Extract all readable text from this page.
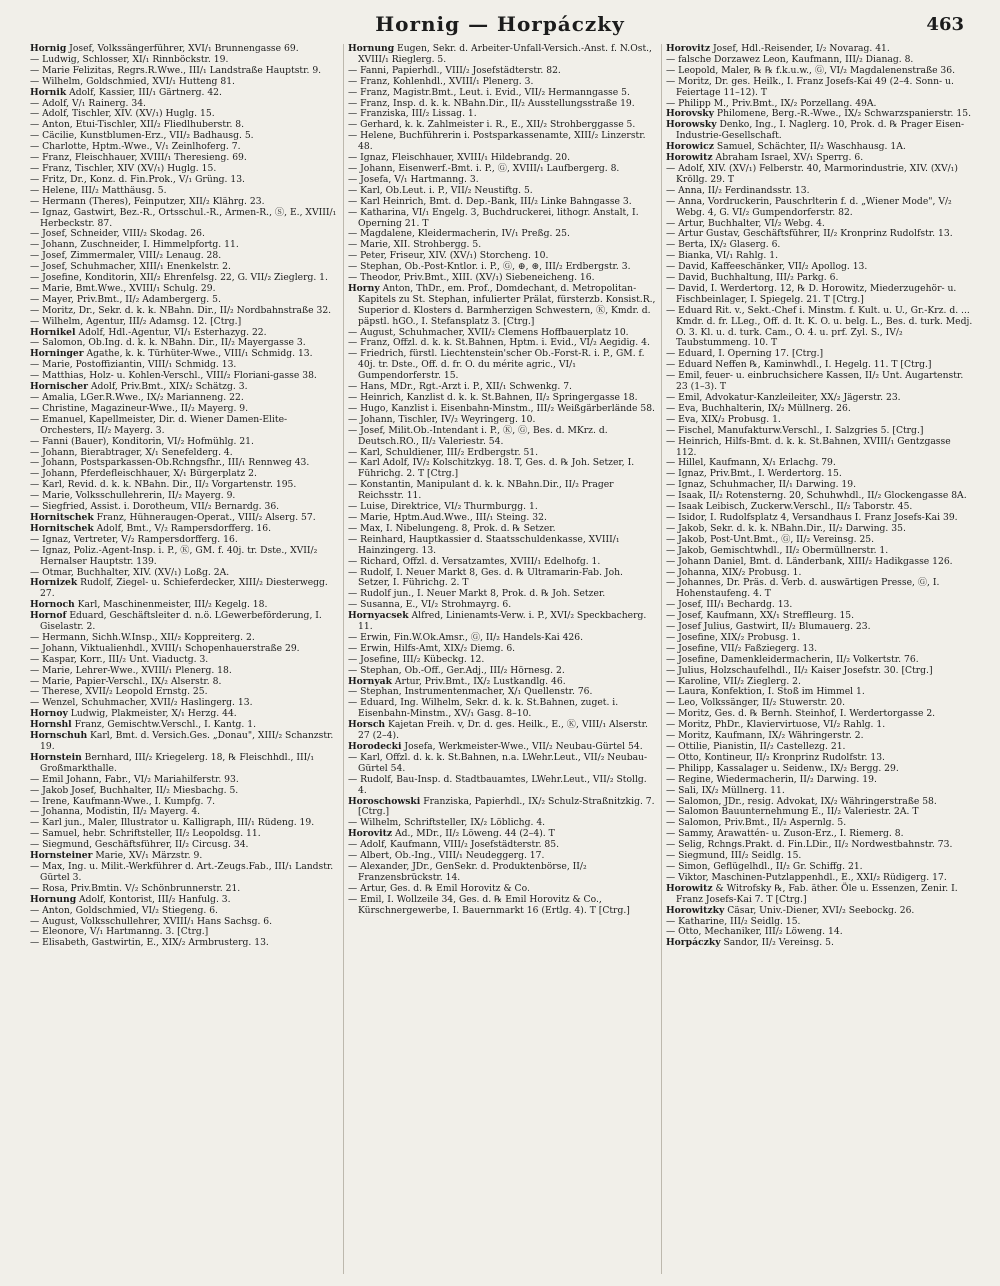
Hornig — Horpáczky	463

Hornig Josef, Volkssängerführer, XVI/₁ Brunnengasse 69.

— Ludwig, Schlosser, XI/₁ Rinnböckstr. 19.

— Marie Felizitas, Regrs.R.Wwe., III/₁ Landstraße Hauptstr. 9.

— Wilhelm, Goldschmied, XVI/₁ Hutteng 81.

Hornik Adolf, Kassier, III/₁ Gärtnerg. 42.

— Adolf, V/₁ Rainerg. 34.

— Adolf, Tischler, XIV. (XV/₁) Huglg. 15.

— Anton, Etui-Tischler, XII/₂ Fliedlhuberstr. 8.

— Cäcilie, Kunstblumen-Erz., VII/₂ Badhausg. 5.

— Charlotte, Hptm.-Wwe., V/₁ Zeinlhoferg. 7.

— Franz, Fleischhauer, XVIII/₁ Theresieng. 69.

— Franz, Tischler, XIV (XV/₁) Huglg. 15.

— Fritz, Dr., Konz. d. Fin.Prok., V/₁ Grüng. 13.

— Helene, III/₂ Matthäusg. 5.

— Hermann (Theres), Feinputzer, XII/₂ Klährg. 23.

— Ignaz, Gastwirt, Bez.-R., Ortsschul.-R., Armen-R., Ⓢ, E., XVIII/₁ Herbeckstr. 87.

— Josef, Schneider, VIII/₂ Skodag. 26.

— Johann, Zuschneider, I. Himmelpfortg. 11.

— Josef, Zimmermaler, VIII/₂ Lenaug. 28.

— Josef, Schuhmacher, XIII/₁ Enenkelstr. 2.

— Josefine, Konditorin, XII/₂ Ehrenfelsg. 22, G. VII/₂ Zieglerg. 1.

— Marie, Bmt.Wwe., XVIII/₁ Schulg. 29.

— Mayer, Priv.Bmt., II/₂ Adambergerg. 5.

— Moritz, Dr., Sekr. d. k. k. NBahn. Dir., II/₂ Nordbahnstraße 32.

— Wilhelm, Agentur, III/₂ Adamsg. 12. [Ctrg.]

Hornikel Adolf, Hdl.-Agentur, VI/₁ Esterhazyg. 22.

— Salomon, Ob.Ing. d. k. k. NBahn. Dir., II/₂ Mayergasse 3.

Horninger Agathe, k. k. Türhüter-Wwe., VIII/₁ Schmidg. 13.

— Marie, Postoffiziantin, VIII/₁ Schmidg. 13.

— Matthias, Holz- u. Kohlen-Verschl., VIII/₂ Floriani-gasse 38.

Hornischer Adolf, Priv.Bmt., XIX/₂ Schätzg. 3.

— Amalia, LGer.R.Wwe., IX/₂ Marianneng. 22.

— Christine, Magazineur-Wwe., II/₂ Mayerg. 9.

— Emanuel, Kapellmeister, Dir. d. Wiener Damen-Elite-Orchesters, II/₂ Mayerg. 3.

— Fanni (Bauer), Konditorin, VI/₂ Hofmühlg. 21.

— Johann, Bierabtrager, X/₁ Senefelderg. 4.

— Johann, Postsparkassen-Ob.Rchngsfhr., III/₁ Rennweg 43.

— Johann, Pferdefleischhauer, X/₁ Bürgerplatz 2.

— Karl, Revid. d. k. k. NBahn. Dir., II/₂ Vorgartenstr. 195.

— Marie, Volksschullehrerin, II/₂ Mayerg. 9.

— Siegfried, Assist. i. Dorotheum, VII/₂ Bernardg. 36.

Hornitschek Franz, Hühneraugen-Operat., VIII/₂ Alserg. 57.

Hornitschek Adolf, Bmt., V/₂ Rampersdorfferg. 16.

— Ignaz, Vertreter, V/₂ Rampersdorfferg. 16.

— Ignaz, Poliz.-Agent-Insp. i. P., Ⓚ, GM. f. 40j. tr. Dste., XVII/₂ Hernalser Hauptstr. 139.

— Otmar, Buchhalter, XIV. (XV/₁) Loßg. 2A.

Hornizek Rudolf, Ziegel- u. Schieferdecker, XIII/₂ Diesterwegg. 27.

Hornoch Karl, Maschinenmeister, III/₂ Kegelg. 18.

Hornof Eduard, Geschäftsleiter d. n.ö. LGewerbeförderung, I. Giselastr. 2.

— Hermann, Sichh.W.Insp., XII/₂ Koppreiterg. 2.

— Johann, Viktualienhdl., XVIII/₁ Schopenhauerstraße 29.

— Kaspar, Korr., III/₂ Unt. Viaductg. 3.

— Marie, Lehrer-Wwe., XVIII/₁ Plenerg. 18.

— Marie, Papier-Verschl., IX/₂ Alserstr. 8.

— Therese, XVII/₂ Leopold Ernstg. 25.

— Wenzel, Schuhmacher, XVII/₂ Haslingerg. 13.

Hornoy Ludwig, Plakmeister, X/₁ Herzg. 44.

Hornshl Franz, Gemischtw.Verschl., I. Kantg. 1.

Hornschuh Karl, Bmt. d. Versich.Ges. „Donau", XIII/₂ Schanzstr. 19.

Hornstein Bernhard, III/₂ Kriegelerg. 18, ℞ Fleischhdl., III/₁ Großmarkthalle.

— Emil Johann, Fabr., VI/₂ Mariahilferstr. 93.

— Jakob Josef, Buchhalter, II/₂ Miesbachg. 5.

— Irene, Kaufmann-Wwe., I. Kumpfg. 7.

— Johanna, Modistin, II/₂ Mayerg. 4.

— Karl jun., Maler, Illustrator u. Kalligraph, III/₁ Rüdeng. 19.

— Samuel, hebr. Schriftsteller, II/₂ Leopoldsg. 11.

— Siegmund, Geschäftsführer, II/₂ Circusg. 34.

Hornsteiner Marie, XV/₁ Märzstr. 9.

— Max, Ing. u. Milit.-Werkführer d. Art.-Zeugs.Fab., III/₁ Landstr. Gürtel 3.

— Rosa, Priv.Bmtin. V/₂ Schönbrunnerstr. 21.

Hornung Adolf, Kontorist, III/₂ Hanfulg. 3.

— Anton, Goldschmied, VI/₂ Stiegeng. 6.

— August, Volksschullehrer, XVIII/₁ Hans Sachsg. 6.

— Eleonore, V/₁ Hartmanng. 3. [Ctrg.]

— Elisabeth, Gastwirtin, E., XIX/₂ Armbrusterg. 13.

Hornung Eugen, Sekr. d. Arbeiter-Unfall-Versich.-Anst. f. N.Ost., XVIII/₁ Rieglerg. 5.

— Fanni, Papierhdl., VIII/₂ Josefstädterstr. 82.

— Franz, Kohlenhdl., XVIII/₁ Plenerg. 3.

— Franz, Magistr.Bmt., Leut. i. Evid., VII/₂ Hermanngasse 5.

— Franz, Insp. d. k. k. NBahn.Dir., II/₂ Ausstellungsstraße 19.

— Franziska, III/₂ Lissag. 1.

— Gerhard, k. k. Zahlmeister i. R., E., XII/₂ Strohberggasse 5.

— Helene, Buchführerin i. Postsparkassenamte, XIII/₂ Linzerstr. 48.

— Ignaz, Fleischhauer, XVIII/₁ Hildebrandg. 20.

— Johann, Eisenwerf.-Bmt. i. P., Ⓖ, XVIII/₁ Laufbergerg. 8.

— Josefa, V/₁ Hartmanng. 3.

— Karl, Ob.Leut. i. P., VII/₂ Neustiftg. 5.

— Karl Heinrich, Bmt. d. Dep.-Bank, III/₂ Linke Bahngasse 3.

— Katharina, VI/₁ Engelg. 3, Buchdruckerei, lithogr. Anstalt, I. Operning 21. T

— Magdalene, Kleidermacherin, IV/₁ Preßg. 25.

— Marie, XII. Strohbergg. 5.

— Peter, Friseur, XIV. (XV/₁) Storcheng. 10.

— Stephan, Ob.-Post-Kntlor. i. P., Ⓖ, ⊕, ⊛, III/₂ Erdbergstr. 3.

— Theodor, Priv.Bmt., XIII. (XV/₁) Siebeneicheng. 16.

Horny Anton, ThDr., em. Prof., Domdechant, d. Metropolitan-Kapitels zu St. Stephan, infulierter Prälat, fürsterzb. Konsist.R., Superior d. Klosters d. Barmherzigen Schwestern, Ⓚ, Kmdr. d. päpstl. hGO., I. Stefansplatz 3. [Ctrg.]

— August, Schuhmacher, XVII/₂ Clemens Hoffbauerplatz 10.

— Franz, Offzl. d. k. k. St.Bahnen, Hptm. i. Evid., VI/₂ Aegidig. 4.

— Friedrich, fürstl. Liechtenstein'scher Ob.-Forst-R. i. P., GM. f. 40j. tr. Dste., Off. d. fr. O. du mérite agric., VI/₁ Gumpendorferstr. 15.

— Hans, MDr., Rgt.-Arzt i. P., XII/₁ Schwenkg. 7.

— Heinrich, Kanzlist d. k. k. St.Bahnen, II/₂ Springergasse 18.

— Hugo, Kanzlist i. Eisenbahn-Minstm., III/₂ Weißgärberlände 58.

— Johann, Tischler, IV/₂ Weyringerg. 10.

— Josef, Milit.Ob.-Intendant i. P., Ⓚ, Ⓖ, Bes. d. MKrz. d. Deutsch.RO., II/₂ Valeriestr. 54.

— Karl, Schuldiener, III/₂ Erdbergstr. 51.

— Karl Adolf, IV/₂ Kolschitzkyg. 18. T, Ges. d. ℞ Joh. Setzer, I. Führichg. 2. T [Ctrg.]

— Konstantin, Manipulant d. k. k. NBahn.Dir., II/₂ Prager Reichsstr. 11.

— Luise, Direktrice, VI/₂ Thurmburgg. 1.

— Marie, Hptm.Aud.Wwe., III/₁ Steing. 32.

— Max, I. Nibelungeng. 8, Prok. d. ℞ Setzer.

— Reinhard, Hauptkassier d. Staatsschuldenkasse, XVIII/₁ Hainzingerg. 13.

— Richard, Offzl. d. Versatzamtes, XVIII/₁ Edelhofg. 1.

— Rudolf, I. Neuer Markt 8, Ges. d. ℞ Ultramarin-Fab. Joh. Setzer, I. Führichg. 2. T

— Rudolf jun., I. Neuer Markt 8, Prok. d. ℞ Joh. Setzer.

— Susanna, E., VI/₂ Strohmayrg. 6.

Hornyacsek Alfred, Linienamts-Verw. i. P., XVI/₂ Speckbacherg. 11.

— Erwin, Fin.W.Ok.Amsr., Ⓖ, II/₂ Handels-Kai 426.

— Erwin, Hilfs-Amt, XIX/₂ Diemg. 6.

— Josefine, III/₂ Kübeckg. 12.

— Stephan, Ob.-Off., Ger.Adj., III/₂ Hörnesg. 2.

Hornyak Artur, Priv.Bmt., IX/₂ Lustkandlg. 46.

— Stephan, Instrumentenmacher, X/₁ Quellenstr. 76.

— Eduard, Ing. Wilhelm, Sekr. d. k. k. St.Bahnen, zuget. i. Eisenbahn-Minstm., XV/₁ Gasg. 8–10.

Horsch Kajetan Freih. v, Dr. d. ges. Heilk., E., Ⓚ, VIII/₁ Alserstr. 27 (2–4).

Horodecki Josefa, Werkmeister-Wwe., VII/₂ Neubau-Gürtel 54.

— Karl, Offzl. d. k. k. St.Bahnen, n.a. LWehr.Leut., VII/₂ Neubau-Gürtel 54.

— Rudolf, Bau-Insp. d. Stadtbauamtes, LWehr.Leut., VII/₂ Stollg. 4.

Horoschowski Franziska, Papierhdl., IX/₂ Schulz-Straßnitzkig. 7. [Ctrg.]

— Wilhelm, Schriftsteller, IX/₂ Löblichg. 4.

Horovitz Ad., MDr., II/₂ Löweng. 44 (2–4). T

— Adolf, Kaufmann, VIII/₂ Josefstädterstr. 85.

— Albert, Ob.-Ing., VIII/₁ Neudeggerg. 17.

— Alexander, JDr., GenSekr. d. Produktenbörse, II/₂ Franzensbrückstr. 14.

— Artur, Ges. d. ℞ Emil Horovitz & Co.

— Emil, I. Wollzeile 34, Ges. d. ℞ Emil Horovitz & Co., Kürschnergewerbe, I. Bauernmarkt 16 (Ertlg. 4). T [Ctrg.]

Horovitz Josef, Hdl.-Reisender, I/₂ Novarag. 41.

— falsche Dorzawez Leon, Kaufmann, III/₂ Dianag. 8.

— Leopold, Maler, ℞ ℞ f.k.u.w., Ⓖ, VI/₂ Magdalenenstraße 36.

— Moritz, Dr. ges. Heilk., I. Franz Josefs-Kai 49 (2–4. Sonn- u. Feiertage 11–12). T

— Philipp M., Priv.Bmt., IX/₂ Porzellang. 49A.

Horovsky Philomene, Berg.-R.-Wwe., IX/₂ Schwarzspanierstr. 15.

Horowsky Denko, Ing., I. Naglerg. 10, Prok. d. ℞ Prager Eisen-Industrie-Gesellschaft.

Horowicz Samuel, Schächter, II/₂ Waschhausg. 1A.

Horowitz Abraham Israel, XV/₁ Sperrg. 6.

— Adolf, XIV. (XV/₁) Felberstr. 40, Marmorindustrie, XIV. (XV/₁) Kröllg. 29. T

— Anna, II/₂ Ferdinandsstr. 13.

— Anna, Vordruckerin, Pauschrlterin f. d. „Wiener Mode", V/₂ Webg. 4, G. VI/₂ Gumpendorferstr. 82.

— Artur, Buchhalter, VI/₂ Webg. 4.

— Artur Gustav, Geschäftsführer, II/₂ Kronprinz Rudolfstr. 13.

— Berta, IX/₂ Glaserg. 6.

— Bianka, VI/₁ Rahlg. 1.

— David, Kaffeeschänker, VII/₂ Apollog. 13.

— David, Buchhaltung, III/₂ Parkg. 6.

— David, I. Werdertorg. 12, ℞ D. Horowitz, Miederzugehör- u. Fischbeinlager, I. Spiegelg. 21. T [Ctrg.]

— Eduard Rit. v., Sekt.-Chef i. Minstm. f. Kult. u. U., Gr.-Krz. d. ... Kmdr. d. fr. LLeg., Off. d. It. K. O. u. belg. L., Bes. d. turk. Medj. O. 3. Kl. u. d. turk. Cam., O. 4. u. prf. Zyl. S., IV/₂ Taubstummeng. 10. T

— Eduard, I. Operning 17. [Ctrg.]

— Eduard Neffen ℞, Kaminwhdl., I. Hegelg. 11. T [Ctrg.]

— Emil, feuer- u. einbruchsichere Kassen, II/₂ Unt. Augartenstr. 23 (1–3). T

— Emil, Advokatur-Kanzleileiter, XX/₂ Jägerstr. 23.

— Eva, Buchhalterin, IX/₂ Müllnerg. 26.

— Eva, XIX/₂ Probusg. 1.

— Fischel, Manufakturw.Verschl., I. Salzgries 5. [Ctrg.]

— Heinrich, Hilfs-Bmt. d. k. k. St.Bahnen, XVIII/₁ Gentzgasse 112.

— Hillel, Kaufmann, X/₁ Erlachg. 79.

— Ignaz, Priv.Bmt., I. Werdertorg. 15.

— Ignaz, Schuhmacher, II/₁ Darwing. 19.

— Isaak, II/₂ Rotensterng. 20, Schuhwhdl., II/₂ Glockengasse 8A.

— Isaak Leibisch, Zuckerw.Verschl., II/₂ Taborstr. 45.

— Isidor, I. Rudolfsplatz 4, Versandhaus I. Franz Josefs-Kai 39.

— Jakob, Sekr. d. k. k. NBahn.Dir., II/₂ Darwing. 35.

— Jakob, Post-Unt.Bmt., Ⓖ, II/₂ Vereinsg. 25.

— Jakob, Gemischtwhdl., II/₂ Obermüllnerstr. 1.

— Johann Daniel, Bmt. d. Länderbank, XIII/₂ Hadikgasse 126.

— Johanna, XIX/₂ Probusg. 1.

— Johannes, Dr. Präs. d. Verb. d. auswärtigen Presse, Ⓖ, I. Hohenstaufeng. 4. T

— Josef, III/₁ Bechardg. 13.

— Josef, Kaufmann, XX/₁ Streffleurg. 15.

— Josef Julius, Gastwirt, II/₂ Blumauerg. 23.

— Josefine, XIX/₂ Probusg. 1.

— Josefine, VII/₂ Faßziegerg. 13.

— Josefine, Damenkleidermacherin, II/₂ Volkertstr. 76.

— Julius, Holzschaufelhdl., II/₂ Kaiser Josefstr. 30. [Ctrg.]

— Karoline, VII/₂ Zieglerg. 2.

— Laura, Konfektion, I. Stoß im Himmel 1.

— Leo, Volkssänger, II/₂ Stuwerstr. 20.

— Moritz, Ges. d. ℞ Bernh. Steinhof, I. Werdertorgasse 2.

— Moritz, PhDr., Klaviervirtuose, VI/₂ Rahlg. 1.

— Moritz, Kaufmann, IX/₂ Währingerstr. 2.

— Ottilie, Pianistin, II/₂ Castellezg. 21.

— Otto, Kontineur, II/₂ Kronprinz Rudolfstr. 13.

— Philipp, Kassalager u. Seidenw., IX/₂ Bergg. 29.

— Regine, Wiedermacherin, II/₂ Darwing. 19.

— Sali, IX/₂ Müllnerg. 11.

— Salomon, JDr., resig. Advokat, IX/₂ Währingerstraße 58.

— Salomon Bauunternehmung E., II/₂ Valeriestr. 2A. T

— Salomon, Priv.Bmt., II/₂ Aspernlg. 5.

— Sammy, Arawattén- u. Zuson-Erz., I. Riemerg. 8.

— Selig, Rchngs.Prakt. d. Fin.LDir., II/₂ Nordwestbahnstr. 73.

— Siegmund, III/₂ Seidlg. 15.

— Simon, Geflügelhdl., II/₂ Gr. Schiffg. 21.

— Viktor, Maschinen-Putzlappenhdl., E., XXI/₂ Rüdigerg. 17.

Horowitz & Witrofsky ℞, Fab. äther. Öle u. Essenzen, Zenir. I. Franz Josefs-Kai 7. T [Ctrg.]

Horowitzky Cäsar, Univ.-Diener, XVI/₂ Seebockg. 26.

— Katharine, III/₂ Seidlg. 15.

— Otto, Mechaniker, III/₂ Löweng. 14.

Horpáczky Sandor, II/₂ Vereinsg. 5.
